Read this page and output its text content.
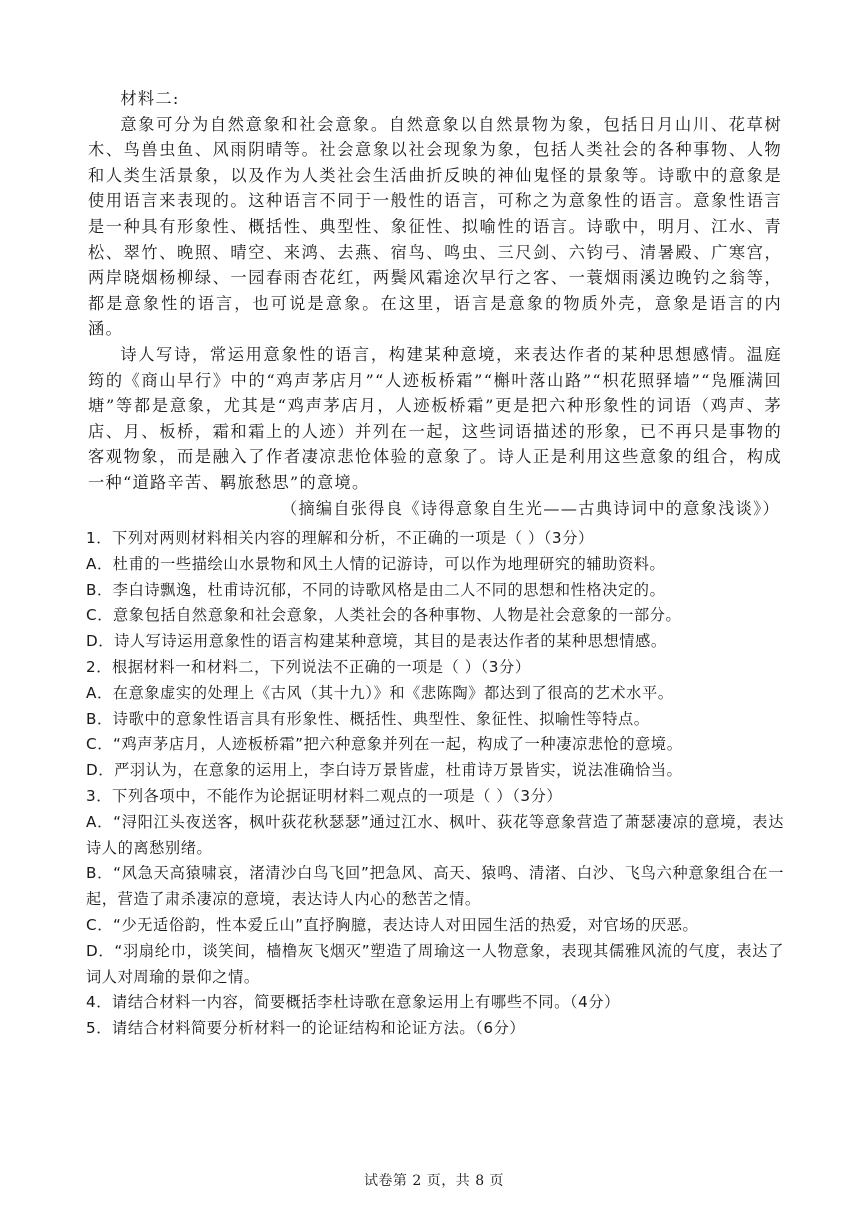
材料二:

意象可分为自然意象和社会意象。自然意象以自然景物为象，包括日月山川、花草树木、鸟兽虫鱼、风雨阴晴等。社会意象以社会现象为象，包括人类社会的各种事物、人物和人类生活景象，以及作为人类社会生活曲折反映的神仙鬼怪的景象等。诗歌中的意象是使用语言来表现的。这种语言不同于一般性的语言，可称之为意象性的语言。意象性语言是一种具有形象性、概括性、典型性、象征性、拟喻性的语言。诗歌中，明月、江水、青松、翠竹、晚照、晴空、来鸿、去燕、宿鸟、鸣虫、三尺剑、六钧弓、清暑殿、广寒宫，两岸晓烟杨柳绿、一园春雨杏花红，两鬓风霜途次早行之客、一蓑烟雨溪边晚钓之翁等，都是意象性的语言，也可说是意象。在这里，语言是意象的物质外壳，意象是语言的内涵。

诗人写诗，常运用意象性的语言，构建某种意境，来表达作者的某种思想感情。温庭筠的《商山早行》中的“鸡声茅店月”“人迹板桥霜”“槲叶落山路”“枳花照驿墙”“凫雁满回塘”等都是意象，尤其是“鸡声茅店月，人迹板桥霜”更是把六种形象性的词语（鸡声、茅店、月、板桥，霜和霜上的人迹）并列在一起，这些词语描述的形象，已不再只是事物的客观物象，而是融入了作者凄凉悲怆体验的意象了。诗人正是利用这些意象的组合，构成一种“道路辛苦、羁旅愁思”的意境。

（摘编自张得良《诗得意象自生光——古典诗词中的意象浅谈》）

1．下列对两则材料相关内容的理解和分析，不正确的一项是（ ）（3分）

A．杜甫的一些描绘山水景物和风土人情的记游诗，可以作为地理研究的辅助资料。

B．李白诗飘逸，杜甫诗沉郁，不同的诗歌风格是由二人不同的思想和性格决定的。

C．意象包括自然意象和社会意象，人类社会的各种事物、人物是社会意象的一部分。

D．诗人写诗运用意象性的语言构建某种意境，其目的是表达作者的某种思想情感。

2．根据材料一和材料二，下列说法不正确的一项是（ ）（3分）

A．在意象虚实的处理上《古风（其十九）》和《悲陈陶》都达到了很高的艺术水平。

B．诗歌中的意象性语言具有形象性、概括性、典型性、象征性、拟喻性等特点。

C．“鸡声茅店月，人迹板桥霜”把六种意象并列在一起，构成了一种凄凉悲怆的意境。

D．严羽认为，在意象的运用上，李白诗万景皆虚，杜甫诗万景皆实，说法准确恰当。

3．下列各项中，不能作为论据证明材料二观点的一项是（ ）（3分）

A．“浔阳江头夜送客，枫叶荻花秋瑟瑟”通过江水、枫叶、荻花等意象营造了萧瑟凄凉的意境，表达诗人的离愁别绪。

B．“风急天高猿啸哀，渚清沙白鸟飞回”把急风、高天、猿鸣、清渚、白沙、飞鸟六种意象组合在一起，营造了肃杀凄凉的意境，表达诗人内心的愁苦之情。

C．“少无适俗韵，性本爱丘山”直抒胸臆，表达诗人对田园生活的热爱，对官场的厌恶。

D．“羽扇纶巾，谈笑间，樯橹灰飞烟灭”塑造了周瑜这一人物意象，表现其儒雅风流的气度，表达了词人对周瑜的景仰之情。

4．请结合材料一内容，简要概括李杜诗歌在意象运用上有哪些不同。（4分）

5．请结合材料简要分析材料一的论证结构和论证方法。（6分）

试卷第 2 页，共 8 页
